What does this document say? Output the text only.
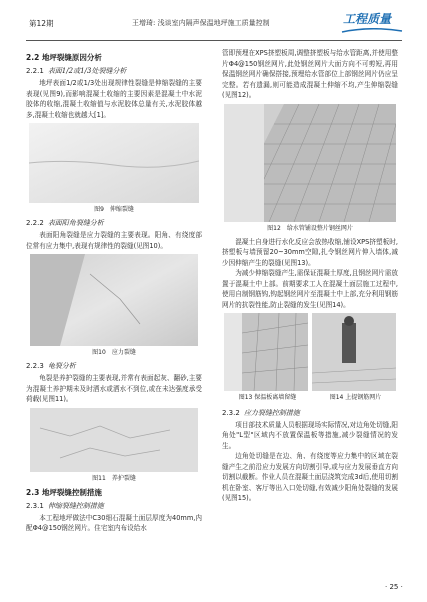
第12期	王增琦: 浅谈室内隔声保温地坪施工质量控制	工程质量
2.2 地坪裂缝原因分析
2.2.1 表面1/2或1/3处裂缝分析

地坪表面1/2或1/3处出现规律性裂缝是伸缩裂缝的主要表现(见图9),而影响混凝土收缩的主要因素是混凝土中水泥胶体的收缩,混凝土收缩值与水泥胶体总量有关,水泥胶体越多,混凝土收缩也就越大[1]。

图9 伸缩裂缝
2.2.2 表面阳角裂缝分析

表面阳角裂缝是应力裂缝的主要表现。阳角、有绕度部位常有应力集中,表现有规律性的裂缝(见图10)。

图10 应力裂缝
2.2.3 龟裂分析

龟裂是养护裂缝的主要表现,并常有表面起灰、翻砂,主要为混凝土养护期未及时洒水或洒水不到位,或在未达强度承受荷载(见图11)。

图11 养护裂缝
2.3 地坪裂缝控制措施
2.3.1 伸缩裂缝控制措施

本工程地坪做法中C30细石混凝土面层厚度为40mm,内配Φ4@150钢丝网片。住宅室内布设给水

管即预埋在XPS挤塑板周,调整挤塑板与给水管距离,并使用整片Φ4@150钢丝网片,此处钢丝网片大面方向不可剪短,再用保温钢丝网片确保搭接,预埋给水管部位上部钢丝网片仍应呈完整。若有遗漏,则可能造成混凝土伸缩不均,产生伸缩裂缝(见图12)。

图12 给水管铺设整片钢丝网片

混凝土自身进行水化反应会放热收缩,铺设XPS挤塑板时,挤塑板与墙预留20~30mm空隙,扎令钢丝网片伸入墙体,减少因伸缩产生的裂缝(见图13)。

为减少伸缩裂缝产生,需保证混凝土厚度,且钢丝网片需放置于混凝土中上部。前期要求工人在混凝土面层施工过程中,使用自制钢筋钩,钩起钢丝网片至混凝土中上部,充分利用钢筋网片的抗裂性能,防止裂缝的发生(见图14)。

图13 保温板离墙留缝	图14 上提钢筋网片
2.3.2 应力裂缝控制措施

项目部技术质量人员根据现场实际情况,对边角处切缝,阳角处"L型"区域内不放置保温板等措施,减少裂缝情况的发生。

边角处切缝是在边、角、有绕度等应力集中的区域在裂缝产生之前沿应力发展方向切割引导,或与应力发展垂直方向切割以截断。作业人员在混凝土面层浇筑完成3d后,使用切割机在卧室、客厅等出入口处切缝,有效减少阳角处裂缝的发展(见图15)。

· 25 ·
